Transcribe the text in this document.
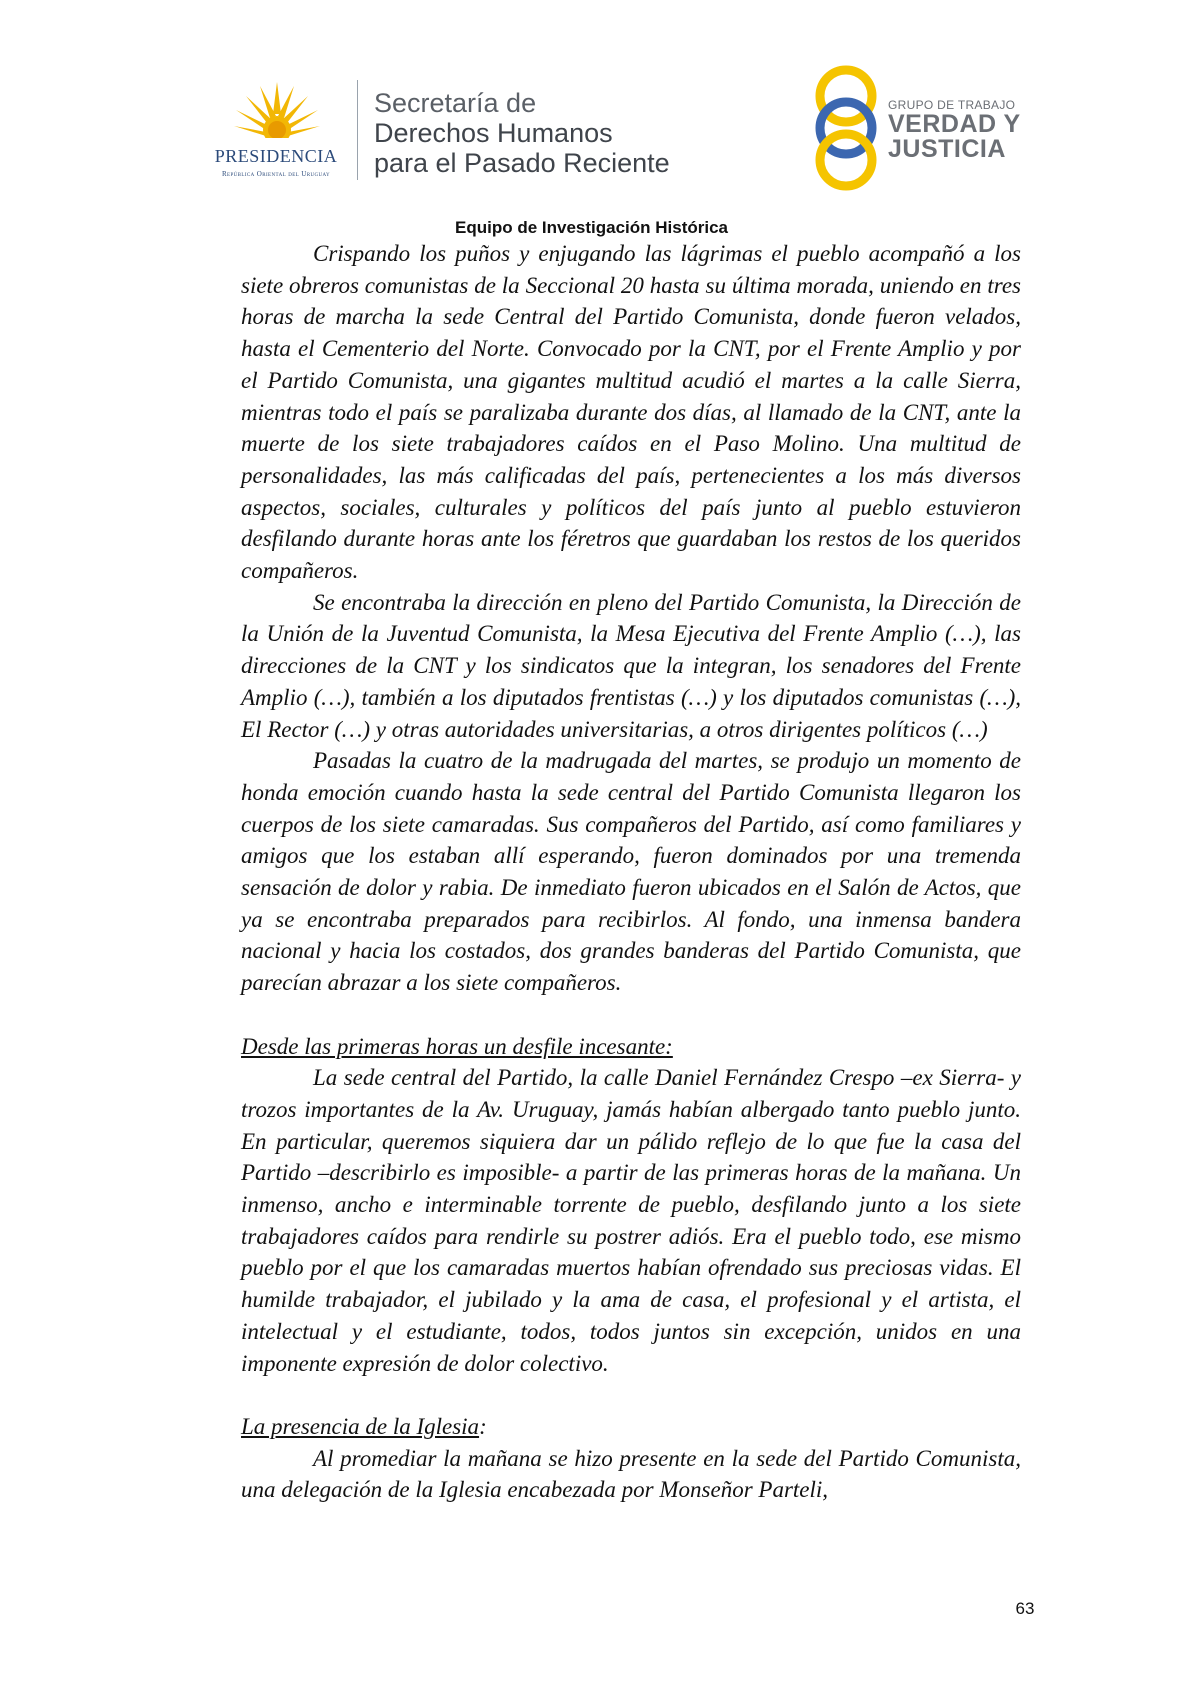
PRESIDENCIA
República Oriental del Uruguay
Secretaría de
Derechos Humanos
para el Pasado Reciente
GRUPO DE TRABAJO
VERDAD Y
JUSTICIA
Equipo de Investigación Histórica

Crispando los puños y enjugando las lágrimas el pueblo acompañó a los siete obreros comunistas de la Seccional 20 hasta su última morada, uniendo en tres horas de marcha la sede Central del Partido Comunista, donde fueron velados, hasta el Cementerio del Norte. Convocado por la CNT, por el Frente Amplio y por el Partido Comunista, una gigantes multitud acudió el martes a la calle Sierra, mientras todo el país se paralizaba durante dos días, al llamado de la CNT, ante la muerte de los siete trabajadores caídos en el Paso Molino. Una multitud de personalidades, las más calificadas del país, pertenecientes a los más diversos aspectos, sociales, culturales y políticos del país junto al pueblo estuvieron desfilando durante horas ante los féretros que guardaban los restos de los queridos compañeros.

Se encontraba la dirección en pleno del Partido Comunista, la Dirección de la Unión de la Juventud Comunista, la Mesa Ejecutiva del Frente Amplio (…), las direcciones de la CNT y los sindicatos que la integran, los senadores del Frente Amplio (…), también a los diputados frentistas (…) y los diputados comunistas (…), El Rector (…) y otras autoridades universitarias, a otros dirigentes políticos (…)

Pasadas la cuatro de la madrugada del martes, se produjo un momento de honda emoción cuando hasta la sede central del Partido Comunista llegaron los cuerpos de los siete camaradas. Sus compañeros del Partido, así como familiares y amigos que los estaban allí esperando, fueron dominados por una tremenda sensación de dolor y rabia. De inmediato fueron ubicados en el Salón de Actos, que ya se encontraba preparados para recibirlos. Al fondo, una inmensa bandera nacional y hacia los costados, dos grandes banderas del Partido Comunista, que parecían abrazar a los siete compañeros.

Desde las primeras horas un desfile incesante:

La sede central del Partido, la calle Daniel Fernández Crespo –ex Sierra- y trozos importantes de la Av. Uruguay, jamás habían albergado tanto pueblo junto. En particular, queremos siquiera dar un pálido reflejo de lo que fue la casa del Partido –describirlo es imposible- a partir de las primeras horas de la mañana. Un inmenso, ancho e interminable torrente de pueblo, desfilando junto a los siete trabajadores caídos para rendirle su postrer adiós. Era el pueblo todo, ese mismo pueblo por el que los camaradas muertos habían ofrendado sus preciosas vidas. El humilde trabajador, el jubilado y la ama de casa, el profesional y el artista, el intelectual y el estudiante, todos, todos juntos sin excepción, unidos en una imponente expresión de dolor colectivo.

La presencia de la Iglesia:

Al promediar la mañana se hizo presente en la sede del Partido Comunista, una delegación de la Iglesia encabezada por Monseñor Parteli,

63
